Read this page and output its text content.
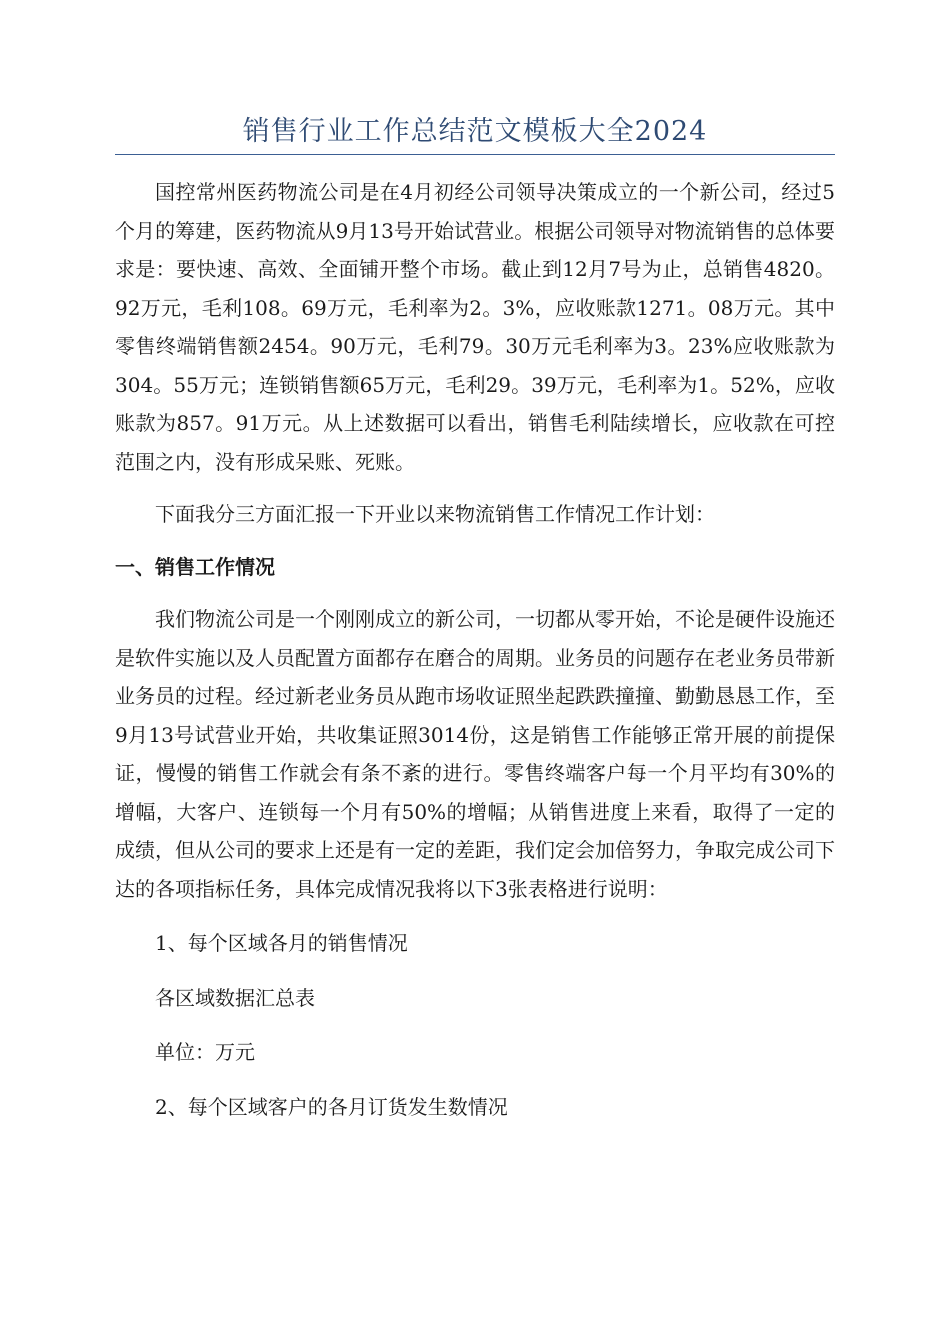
销售行业工作总结范文模板大全2024

国控常州医药物流公司是在4月初经公司领导决策成立的一个新公司，经过5个月的筹建，医药物流从9月13号开始试营业。根据公司领导对物流销售的总体要求是：要快速、高效、全面铺开整个市场。截止到12月7号为止，总销售4820。92万元，毛利108。69万元，毛利率为2。3%，应收账款1271。08万元。其中零售终端销售额2454。90万元，毛利79。30万元毛利率为3。23%应收账款为304。55万元；连锁销售额65万元，毛利29。39万元，毛利率为1。52%，应收账款为857。91万元。从上述数据可以看出，销售毛利陆续增长，应收款在可控范围之内，没有形成呆账、死账。

下面我分三方面汇报一下开业以来物流销售工作情况工作计划：

一、销售工作情况

我们物流公司是一个刚刚成立的新公司，一切都从零开始，不论是硬件设施还是软件实施以及人员配置方面都存在磨合的周期。业务员的问题存在老业务员带新业务员的过程。经过新老业务员从跑市场收证照坐起跌跌撞撞、勤勤恳恳工作，至9月13号试营业开始，共收集证照3014份，这是销售工作能够正常开展的前提保证，慢慢的销售工作就会有条不紊的进行。零售终端客户每一个月平均有30%的增幅，大客户、连锁每一个月有50%的增幅；从销售进度上来看，取得了一定的成绩，但从公司的要求上还是有一定的差距，我们定会加倍努力，争取完成公司下达的各项指标任务，具体完成情况我将以下3张表格进行说明：

1、每个区域各月的销售情况

各区域数据汇总表

单位：万元

2、每个区域客户的各月订货发生数情况
